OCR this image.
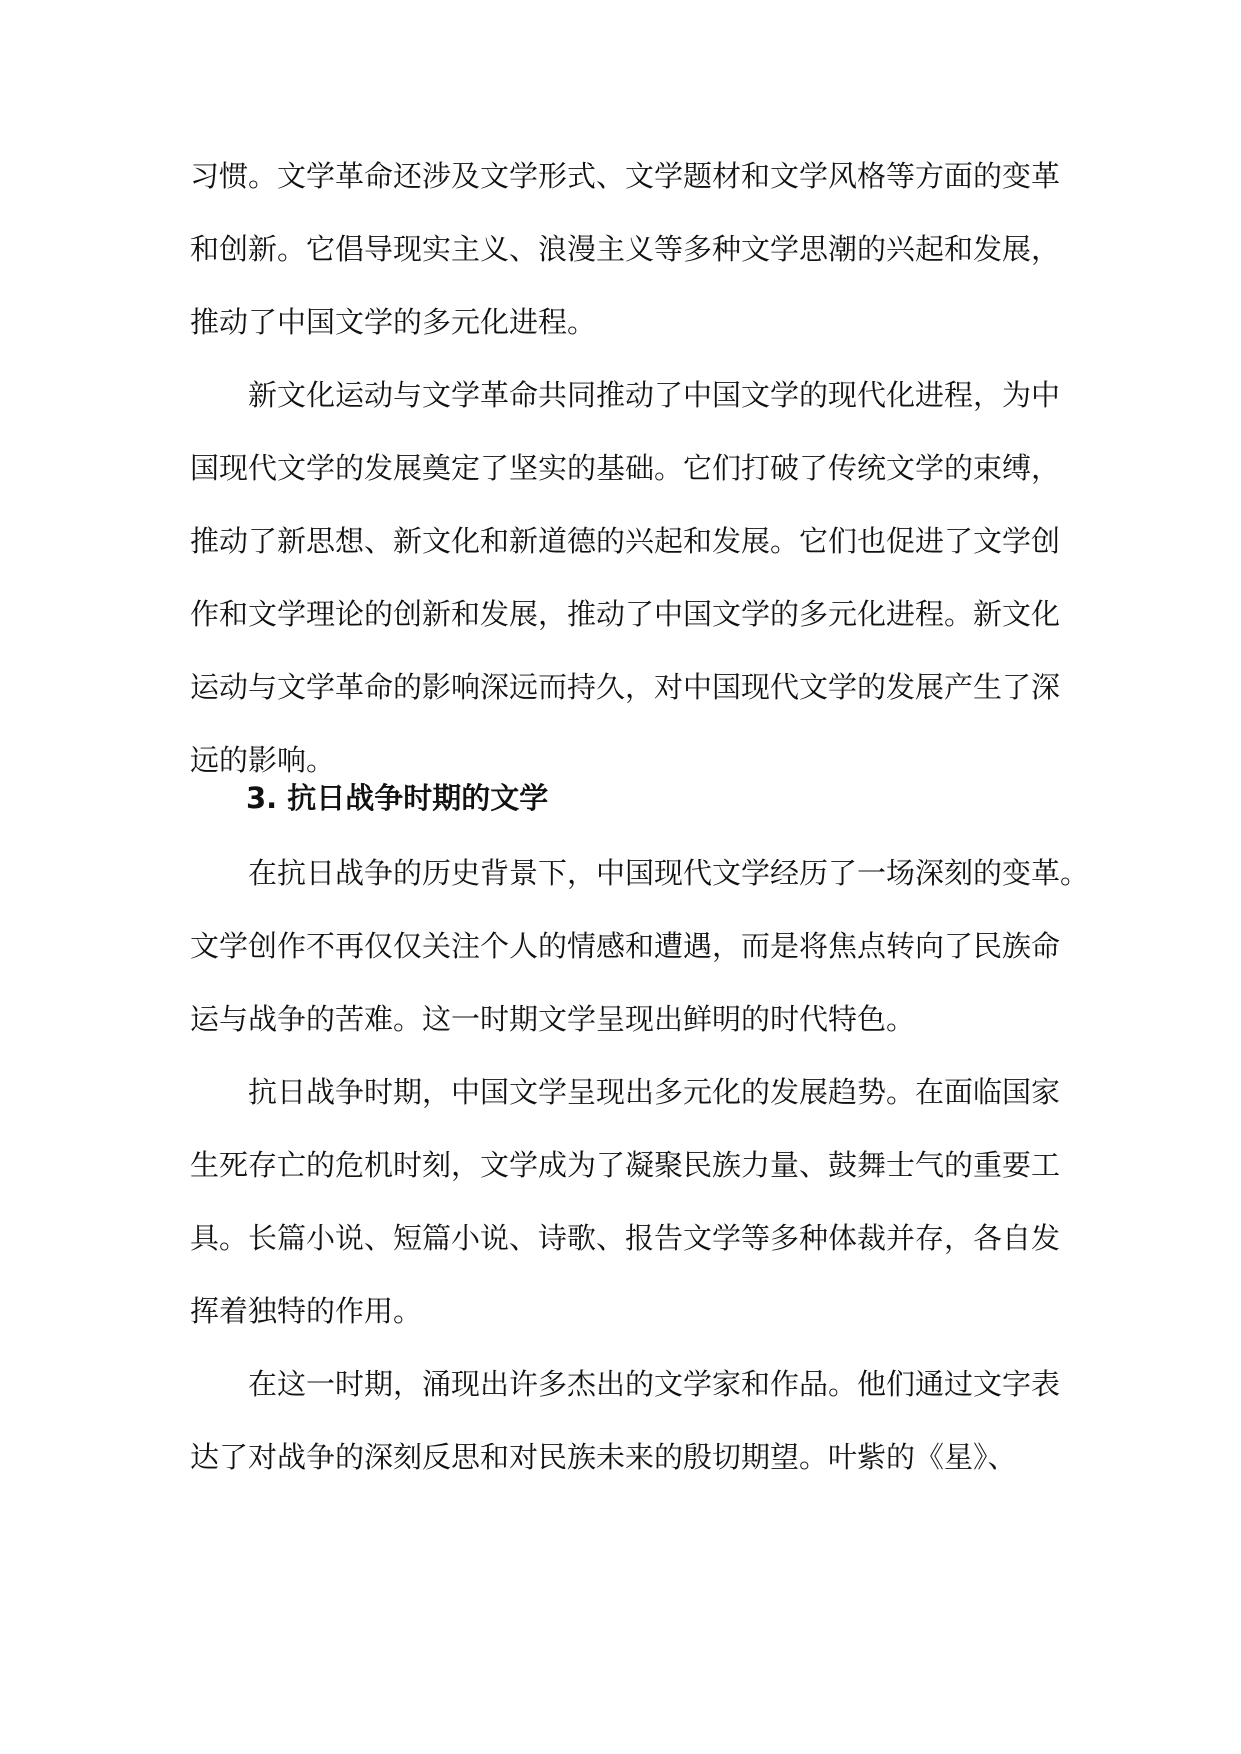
习惯。文学革命还涉及文学形式、文学题材和文学风格等方面的变革
和创新。它倡导现实主义、浪漫主义等多种文学思潮的兴起和发展，
推动了中国文学的多元化进程。

新文化运动与文学革命共同推动了中国文学的现代化进程，为中
国现代文学的发展奠定了坚实的基础。它们打破了传统文学的束缚，
推动了新思想、新文化和新道德的兴起和发展。它们也促进了文学创
作和文学理论的创新和发展，推动了中国文学的多元化进程。新文化
运动与文学革命的影响深远而持久，对中国现代文学的发展产生了深
远的影响。

3. 抗日战争时期的文学

在抗日战争的历史背景下，中国现代文学经历了一场深刻的变革。
文学创作不再仅仅关注个人的情感和遭遇，而是将焦点转向了民族命
运与战争的苦难。这一时期文学呈现出鲜明的时代特色。

抗日战争时期，中国文学呈现出多元化的发展趋势。在面临国家
生死存亡的危机时刻，文学成为了凝聚民族力量、鼓舞士气的重要工
具。长篇小说、短篇小说、诗歌、报告文学等多种体裁并存，各自发
挥着独特的作用。

在这一时期，涌现出许多杰出的文学家和作品。他们通过文字表
达了对战争的深刻反思和对民族未来的殷切期望。叶紫的《星》、
